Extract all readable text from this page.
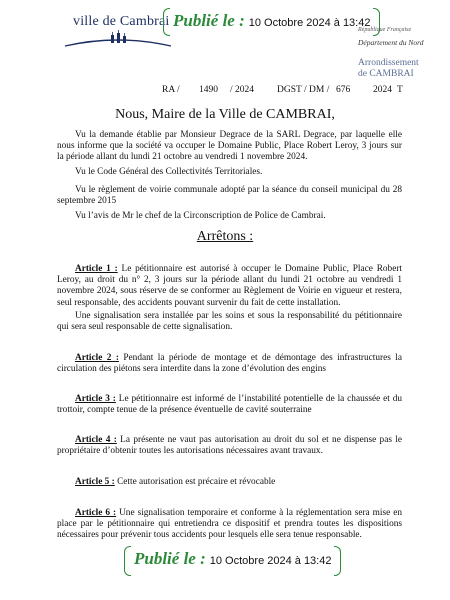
ville de Cambrai Publié le : 10 Octobre 2024 à 13:42
République Française
Département du Nord
Arrondissement
de CAMBRAI
RA / 1490 / 2024 DGST / DM / 676 2024 T
Nous, Maire de la Ville de CAMBRAI,
Vu la demande établie par Monsieur Degrace de la SARL Degrace, par laquelle elle nous informe que la société va occuper le Domaine Public, Place Robert Leroy, 3 jours sur la période allant du lundi 21 octobre au vendredi 1 novembre 2024.
Vu le Code Général des Collectivités Territoriales.
Vu le règlement de voirie communale adopté par la séance du conseil municipal du 28 septembre 2015
Vu l’avis de Mr le chef de la Circonscription de Police de Cambrai.
Arrêtons :
Article 1 : Le pétitionnaire est autorisé à occuper le Domaine Public, Place Robert Leroy, au droit du n° 2, 3 jours sur la période allant du lundi 21 octobre au vendredi 1 novembre 2024, sous réserve de se conformer au Règlement de Voirie en vigueur et restera, seul responsable, des accidents pouvant survenir du fait de cette installation.
Une signalisation sera installée par les soins et sous la responsabilité du pétitionnaire qui sera seul responsable de cette signalisation.
Article 2 : Pendant la période de montage et de démontage des infrastructures la circulation des piétons sera interdite dans la zone d’évolution des engins
Article 3 : Le pétitionnaire est informé de l’instabilité potentielle de la chaussée et du trottoir, compte tenue de la présence éventuelle de cavité souterraine
Article 4 : La présente ne vaut pas autorisation au droit du sol et ne dispense pas le propriétaire d’obtenir toutes les autorisations nécessaires avant travaux.
Article 5 : Cette autorisation est précaire et révocable
Article 6 : Une signalisation temporaire et conforme à la réglementation sera mise en place par le pétitionnaire qui entretiendra ce dispositif et prendra toutes les dispositions nécessaires pour prévenir tous accidents pour lesquels elle sera tenue responsable.
Publié le : 10 Octobre 2024 à 13:42
